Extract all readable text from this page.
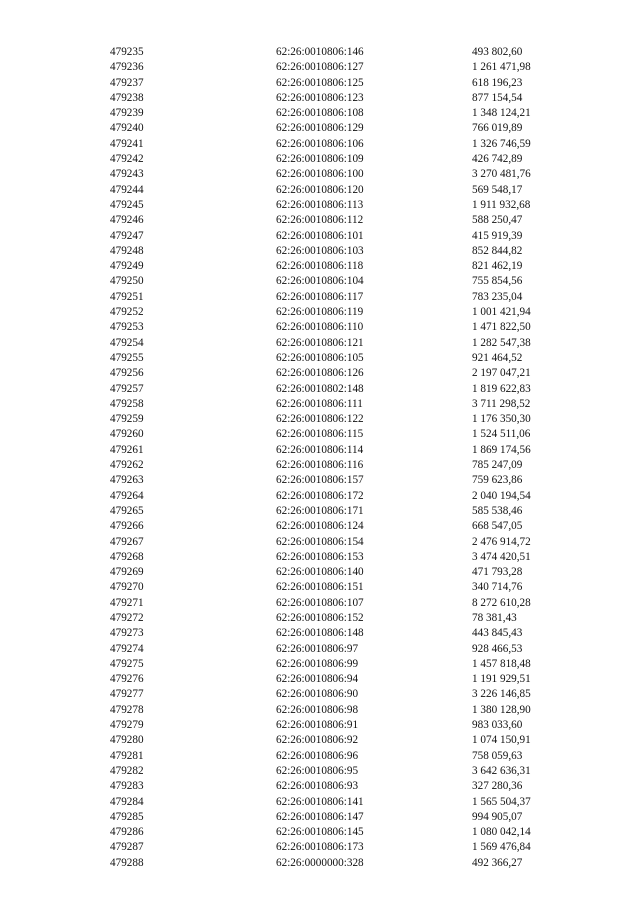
479235	62:26:0010806:146	493 802,60
479236	62:26:0010806:127	1 261 471,98
479237	62:26:0010806:125	618 196,23
479238	62:26:0010806:123	877 154,54
479239	62:26:0010806:108	1 348 124,21
479240	62:26:0010806:129	766 019,89
479241	62:26:0010806:106	1 326 746,59
479242	62:26:0010806:109	426 742,89
479243	62:26:0010806:100	3 270 481,76
479244	62:26:0010806:120	569 548,17
479245	62:26:0010806:113	1 911 932,68
479246	62:26:0010806:112	588 250,47
479247	62:26:0010806:101	415 919,39
479248	62:26:0010806:103	852 844,82
479249	62:26:0010806:118	821 462,19
479250	62:26:0010806:104	755 854,56
479251	62:26:0010806:117	783 235,04
479252	62:26:0010806:119	1 001 421,94
479253	62:26:0010806:110	1 471 822,50
479254	62:26:0010806:121	1 282 547,38
479255	62:26:0010806:105	921 464,52
479256	62:26:0010806:126	2 197 047,21
479257	62:26:0010802:148	1 819 622,83
479258	62:26:0010806:111	3 711 298,52
479259	62:26:0010806:122	1 176 350,30
479260	62:26:0010806:115	1 524 511,06
479261	62:26:0010806:114	1 869 174,56
479262	62:26:0010806:116	785 247,09
479263	62:26:0010806:157	759 623,86
479264	62:26:0010806:172	2 040 194,54
479265	62:26:0010806:171	585 538,46
479266	62:26:0010806:124	668 547,05
479267	62:26:0010806:154	2 476 914,72
479268	62:26:0010806:153	3 474 420,51
479269	62:26:0010806:140	471 793,28
479270	62:26:0010806:151	340 714,76
479271	62:26:0010806:107	8 272 610,28
479272	62:26:0010806:152	78 381,43
479273	62:26:0010806:148	443 845,43
479274	62:26:0010806:97	928 466,53
479275	62:26:0010806:99	1 457 818,48
479276	62:26:0010806:94	1 191 929,51
479277	62:26:0010806:90	3 226 146,85
479278	62:26:0010806:98	1 380 128,90
479279	62:26:0010806:91	983 033,60
479280	62:26:0010806:92	1 074 150,91
479281	62:26:0010806:96	758 059,63
479282	62:26:0010806:95	3 642 636,31
479283	62:26:0010806:93	327 280,36
479284	62:26:0010806:141	1 565 504,37
479285	62:26:0010806:147	994 905,07
479286	62:26:0010806:145	1 080 042,14
479287	62:26:0010806:173	1 569 476,84
479288	62:26:0000000:328	492 366,27
